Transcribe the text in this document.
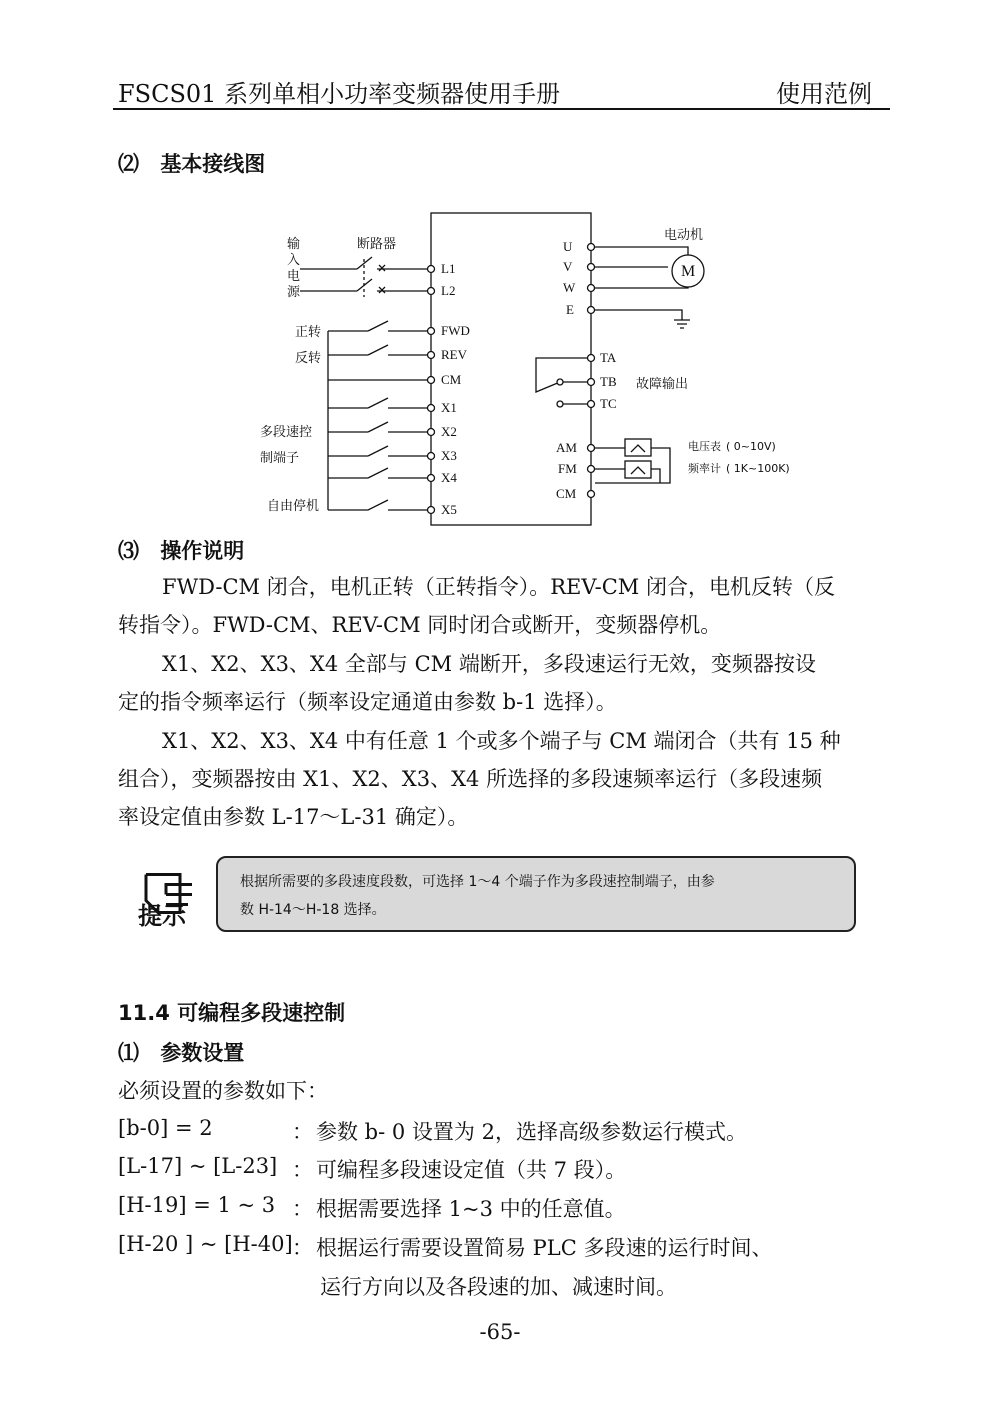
FSCS01 系列单相小功率变频器使用手册	使用范例
⑵ 基本接线图
输
入
电
源
断路器
电动机
正转
反转
多段速控
制端子
自由停机
故障输出
电压表 ( 0~10V)
频率计 ( 1K~100K)
L1
L2
FWD
REV
CM
X1
X2
X3
X4
X5
U
V
W
E
TA
TB
TC
AM
FM
CM
M
⑶ 操作说明
FWD-CM 闭合，电机正转（正转指令）。REV-CM 闭合，电机反转（反
转指令）。FWD-CM、REV-CM 同时闭合或断开，变频器停机。
X1、X2、X3、X4 全部与 CM 端断开，多段速运行无效，变频器按设
定的指令频率运行（频率设定通道由参数 b-1 选择）。
X1、X2、X3、X4 中有任意 1 个或多个端子与 CM 端闭合（共有 15 种
组合），变频器按由 X1、X2、X3、X4 所选择的多段速频率运行（多段速频
率设定值由参数 L-17～L-31 确定）。
提示
根据所需要的多段速度段数，可选择 1～4 个端子作为多段速控制端子，由参
数 H-14～H-18 选择。
11.4 可编程多段速控制
⑴ 参数设置
必须设置的参数如下：
[b-0] = 2	： 参数 b- 0 设置为 2，选择高级参数运行模式。
[L-17] ~ [L-23] ： 可编程多段速设定值（共 7 段）。
[H-19] = 1 ~ 3 ： 根据需要选择 1~3 中的任意值。
[H-20 ] ~ [H-40] ： 根据运行需要设置简易 PLC 多段速的运行时间、
运行方向以及各段速的加、减速时间。
-65-
